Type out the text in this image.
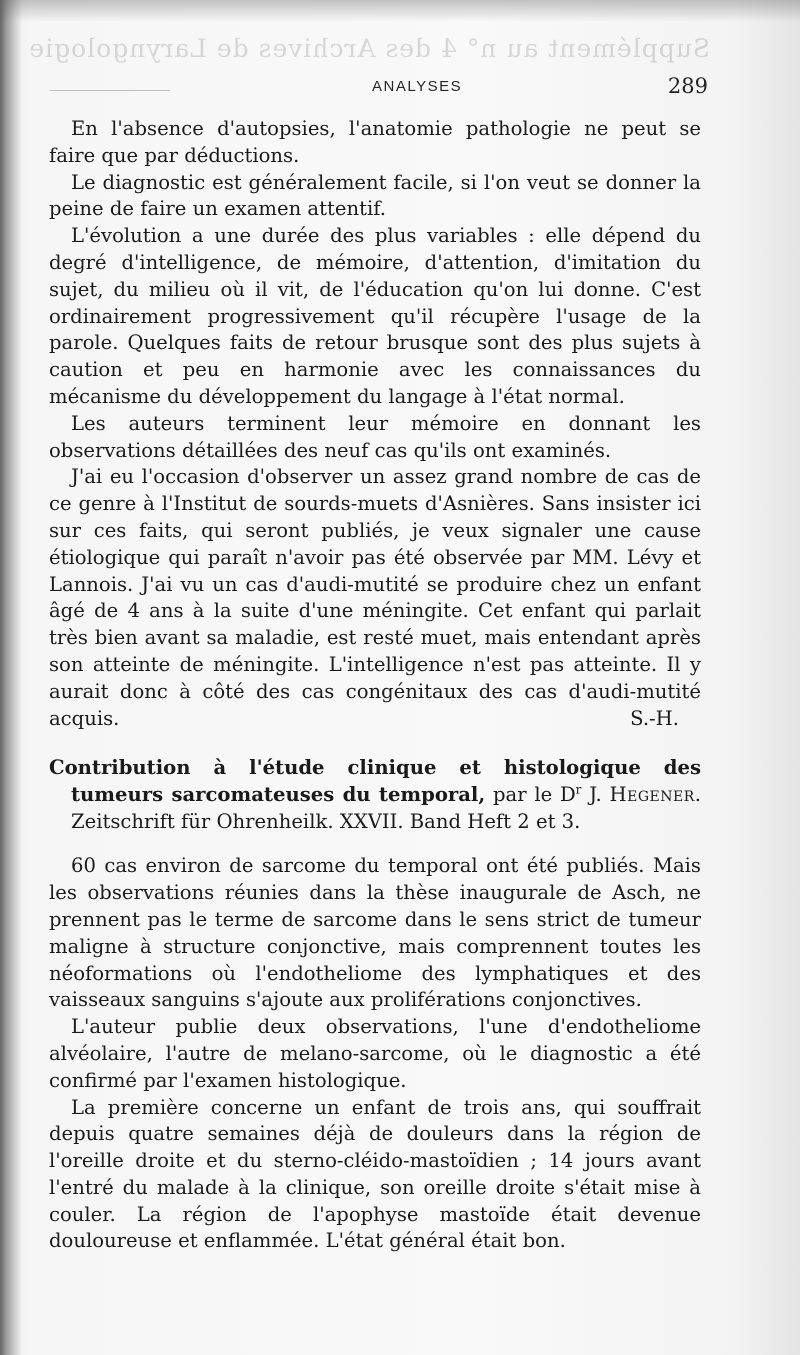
Supplément au n° 4 des Archives de Laryngologie
ANALYSES	289

En l'absence d'autopsies, l'anatomie pathologie ne peut se faire que par déductions.

Le diagnostic est généralement facile, si l'on veut se donner la peine de faire un examen attentif.

L'évolution a une durée des plus variables : elle dépend du degré d'intelligence, de mémoire, d'attention, d'imitation du sujet, du milieu où il vit, de l'éducation qu'on lui donne. C'est ordinairement progressivement qu'il récupère l'usage de la parole. Quelques faits de retour brusque sont des plus sujets à caution et peu en harmonie avec les connaissances du mécanisme du développement du langage à l'état normal.

Les auteurs terminent leur mémoire en donnant les observations détaillées des neuf cas qu'ils ont examinés.

J'ai eu l'occasion d'observer un assez grand nombre de cas de ce genre à l'Institut de sourds-muets d'Asnières. Sans insister ici sur ces faits, qui seront publiés, je veux signaler une cause étiologique qui paraît n'avoir pas été observée par MM. Lévy et Lannois. J'ai vu un cas d'audi-mutité se produire chez un enfant âgé de 4 ans à la suite d'une méningite. Cet enfant qui parlait très bien avant sa maladie, est resté muet, mais entendant après son atteinte de méningite. L'intelligence n'est pas atteinte. Il y aurait donc à côté des cas congénitaux des cas d'audi-mutité acquis.	S.-H.

Contribution à l'étude clinique et histologique des tumeurs sarcomateuses du temporal, par le $D^r$ J. Hegener. Zeitschrift für Ohrenheilk. XXVII. Band Heft 2 et 3.

60 cas environ de sarcome du temporal ont été publiés. Mais les observations réunies dans la thèse inaugurale de Asch, ne prennent pas le terme de sarcome dans le sens strict de tumeur maligne à structure conjonctive, mais comprennent toutes les néoformations où l'endotheliome des lymphatiques et des vaisseaux sanguins s'ajoute aux proliférations conjonctives.

L'auteur publie deux observations, l'une d'endotheliome alvéolaire, l'autre de melano-sarcome, où le diagnostic a été confirmé par l'examen histologique.

La première concerne un enfant de trois ans, qui souffrait depuis quatre semaines déjà de douleurs dans la région de l'oreille droite et du sterno-cléido-mastoïdien ; 14 jours avant l'entré du malade à la clinique, son oreille droite s'était mise à couler. La région de l'apophyse mastoïde était devenue douloureuse et enflammée. L'état général était bon.
